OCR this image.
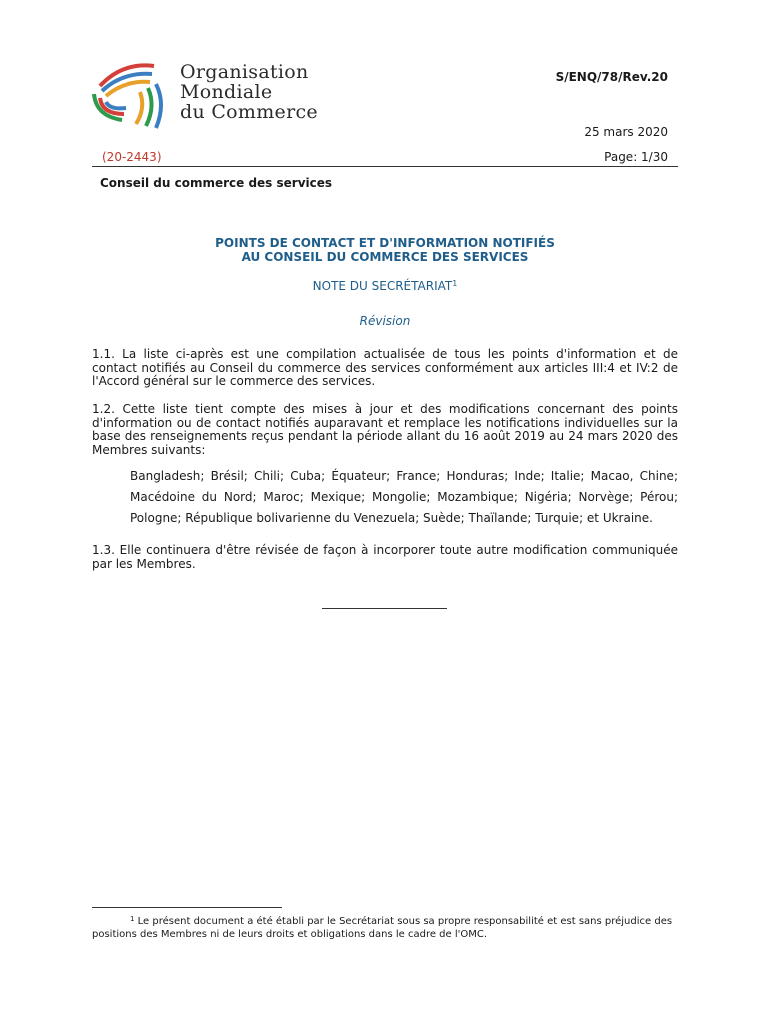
Organisation
Mondiale
du Commerce
S/ENQ/78/Rev.20
25 mars 2020
(20-2443)	Page: 1/30
Conseil du commerce des services
POINTS DE CONTACT ET D'INFORMATION NOTIFIÉS
AU CONSEIL DU COMMERCE DES SERVICES
NOTE DU SECRÉTARIAT$^1$
Révision
1.1. La liste ci-après est une compilation actualisée de tous les points d'information et de contact notifiés au Conseil du commerce des services conformément aux articles III:4 et IV:2 de l'Accord général sur le commerce des services.
1.2. Cette liste tient compte des mises à jour et des modifications concernant des points d'information ou de contact notifiés auparavant et remplace les notifications individuelles sur la base des renseignements reçus pendant la période allant du 16 août 2019 au 24 mars 2020 des Membres suivants:
Bangladesh; Brésil; Chili; Cuba; Équateur; France; Honduras; Inde; Italie; Macao, Chine; Macédoine du Nord; Maroc; Mexique; Mongolie; Mozambique; Nigéria; Norvège; Pérou; Pologne; République bolivarienne du Venezuela; Suède; Thaïlande; Turquie; et Ukraine.
1.3. Elle continuera d'être révisée de façon à incorporer toute autre modification communiquée par les Membres.
$^1$ Le présent document a été établi par le Secrétariat sous sa propre responsabilité et est sans préjudice des positions des Membres ni de leurs droits et obligations dans le cadre de l'OMC.
